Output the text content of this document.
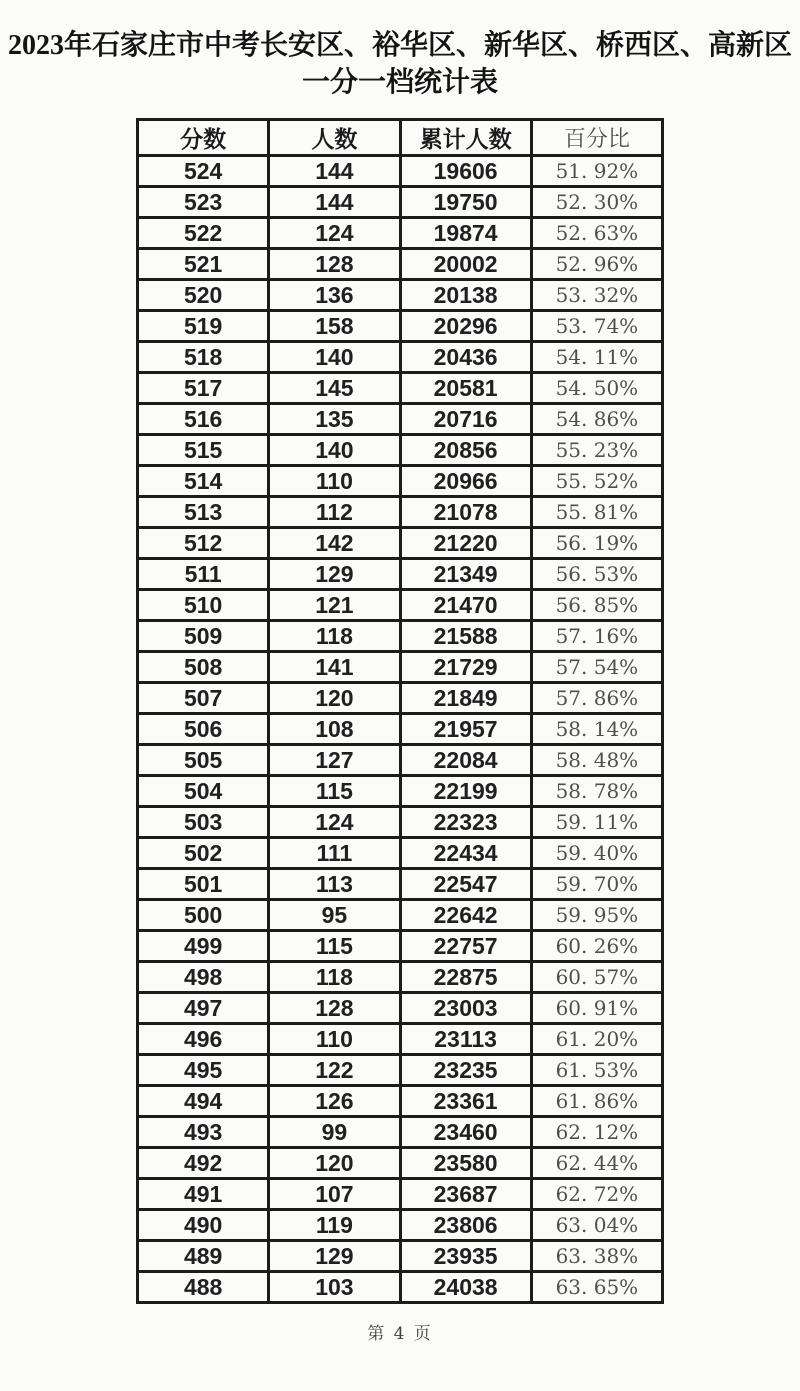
2023年石家庄市中考长安区、裕华区、新华区、桥西区、高新区
一分一档统计表
分数	人数	累计人数	百分比
524	144	19606	51. 92%
523	144	19750	52. 30%
522	124	19874	52. 63%
521	128	20002	52. 96%
520	136	20138	53. 32%
519	158	20296	53. 74%
518	140	20436	54. 11%
517	145	20581	54. 50%
516	135	20716	54. 86%
515	140	20856	55. 23%
514	110	20966	55. 52%
513	112	21078	55. 81%
512	142	21220	56. 19%
511	129	21349	56. 53%
510	121	21470	56. 85%
509	118	21588	57. 16%
508	141	21729	57. 54%
507	120	21849	57. 86%
506	108	21957	58. 14%
505	127	22084	58. 48%
504	115	22199	58. 78%
503	124	22323	59. 11%
502	111	22434	59. 40%
501	113	22547	59. 70%
500	95	22642	59. 95%
499	115	22757	60. 26%
498	118	22875	60. 57%
497	128	23003	60. 91%
496	110	23113	61. 20%
495	122	23235	61. 53%
494	126	23361	61. 86%
493	99	23460	62. 12%
492	120	23580	62. 44%
491	107	23687	62. 72%
490	119	23806	63. 04%
489	129	23935	63. 38%
488	103	24038	63. 65%
第 4 页
